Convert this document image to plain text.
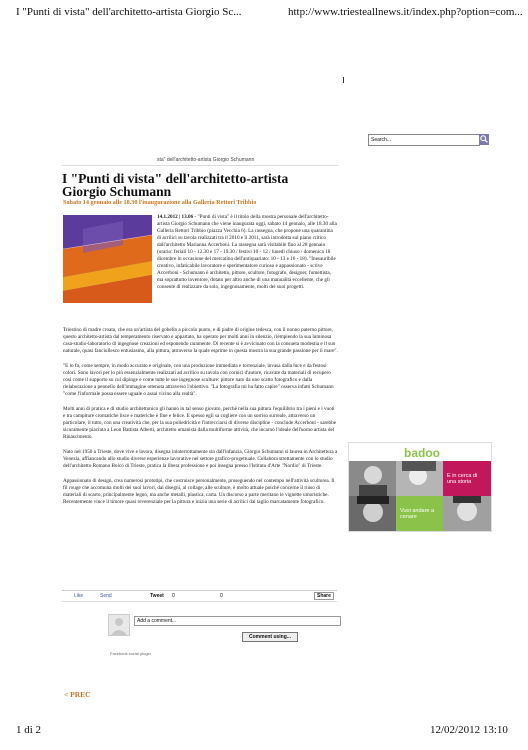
I "Punti di vista" dell'architetto-artista Giorgio Sc...	http://www.triesteallnews.it/index.php?option=com...
Search...
sta" dell'architetto-artista Giorgio Schumann
I "Punti di vista" dell'architetto-artista Giorgio Schumann
Sabato 14 gennaio alle 18.30 l'inaugurazione alla Galleria Rettori Tribbio
14.1.2012 | 13.06 - "Punti di vista" è il titolo della mostra personale dell'architetto-artista Giorgio Schumann che viene inaugurata oggi, sabato 14 gennaio, alle 18.30 alla Galleria Rettori Tribbio (piazza Vecchia 6). La rassegna, che propone una quarantina di acrilici su tavola realizzati tra il 2010 e il 2011, sarà introdotta sul piano critico dall'architetto Marianna Accerboni. La rassegna sarà visitabile fino al 28 gennaio (orario: feriali 10 - 12.30 e 17 - 19.30 / festivi 10 - 12 / lunedì chiuso / domenica 18 dicembre in occasione del mercatino dell'antiquariato: 10 - 13 e 16 - 18). "Inesauribile creativo, infaticabile lavoratore e sperimentatore curioso e appassionato - scrive Accerboni - Schumann è architetto, pittore, scultore, fotografo, designer, fumettista, ma soprattutto inventore, dotato per altro anche di una manualità eccellente, che gli consente di realizzare da solo, ingegnosamente, molti dei suoi progetti.
Triestino di madre croata, che era un'artista del gobelin a piccolo punto, e di padre di origine tedesca, con il nonno paterno pittore, questo architetto-artista dal temperamento riservato e appartato, ha operato per molti anni in silenzio, riempiendo la sua luminosa casa-studio-laboratorio di ingegnose creazioni ed esponendo raramente. Di recente si è avvicinato con la consueta modestia e il suo naturale, quasi fanciullesco entusiasmo, alla pittura, attraverso la quale esprime in questa mostra la sua grande passione per il mare".
"E lo fa, come sempre, in modo accurato e originale, con una produzione immediata e torrenziale, invasa dalla luce e da festosi colori. Sono lavori per lo più essenzialmente realizzati ad acrilico su tavola con cornici d'autore, ricavate da materiali di recupero così come il supporto su cui dipinge e come tutte le sue ingegnose sculture: pittore nato da uno scatto fotografico e dalla rielaborazione a pennello dell'immagine ottenuta attraverso l'obiettivo. "La fotografia mi ha fatto capire" osserva infatti Schumann "come l'informale possa essere uguale o assai vicino alla realtà".
Molti anni di pratica e di studio architettonico gli hanno in tal senso giovato, perché nella sua pittura l'equilibrio tra i pieni e i vuoti e tra campiture cromatiche lisce e materiche è fine e felice. E spesso egli sa cogliere con un sorriso surreale, attraverso un particolare, il tutto, con una creatività che, per la sua poliedricità e l'intrecciarsi di diverse discipline - conclude Accerboni - sarebbe sicuramente piaciuta a Leon Battista Alberti, architetto umanista dalla multiforme attività, che incarnò l'ideale dell'uomo artista del Rinascimento.
Nato nel 1950 a Trieste, dove vive e lavora, disegna ininterrottamente sin dall'infanzia, Giorgio Schumann si laurea in Architettura a Venezia, affiancando allo studio diverse esperienze lavorative nel settore grafico-progettuale. Collabora strettamente con lo studio dell'architetto Romano Boico di Trieste, pratica la libera professione e poi insegna presso l'Istituto d'Arte "Nordio" di Trieste.
Appassionato di design, crea numerosi prototipi, che costruisce personalmente, proseguendo nel contempo nell'attività scultorea. Il fil rouge che accomuna molti dei suoi lavori, dai disegni, al collage, alle sculture, è molto attuale poiché concerne il riuso di materiali di scarto, principalmente legno, ma anche metalli, plastica, carta. Un discorso a parte meritano le vignette umoristiche. Recentemente vince il timore quasi reverenziale per la pittura e inizia una serie di acrilici dal taglio marcatamente fotografico.
Like	Send	Tweet 0	0	Share
Add a comment...
Comment using...
Facebook social plugin
< PREC
badoo
E in cerca di una storia
Vuoi andare a cenare
1 di 2	12/02/2012 13:10
